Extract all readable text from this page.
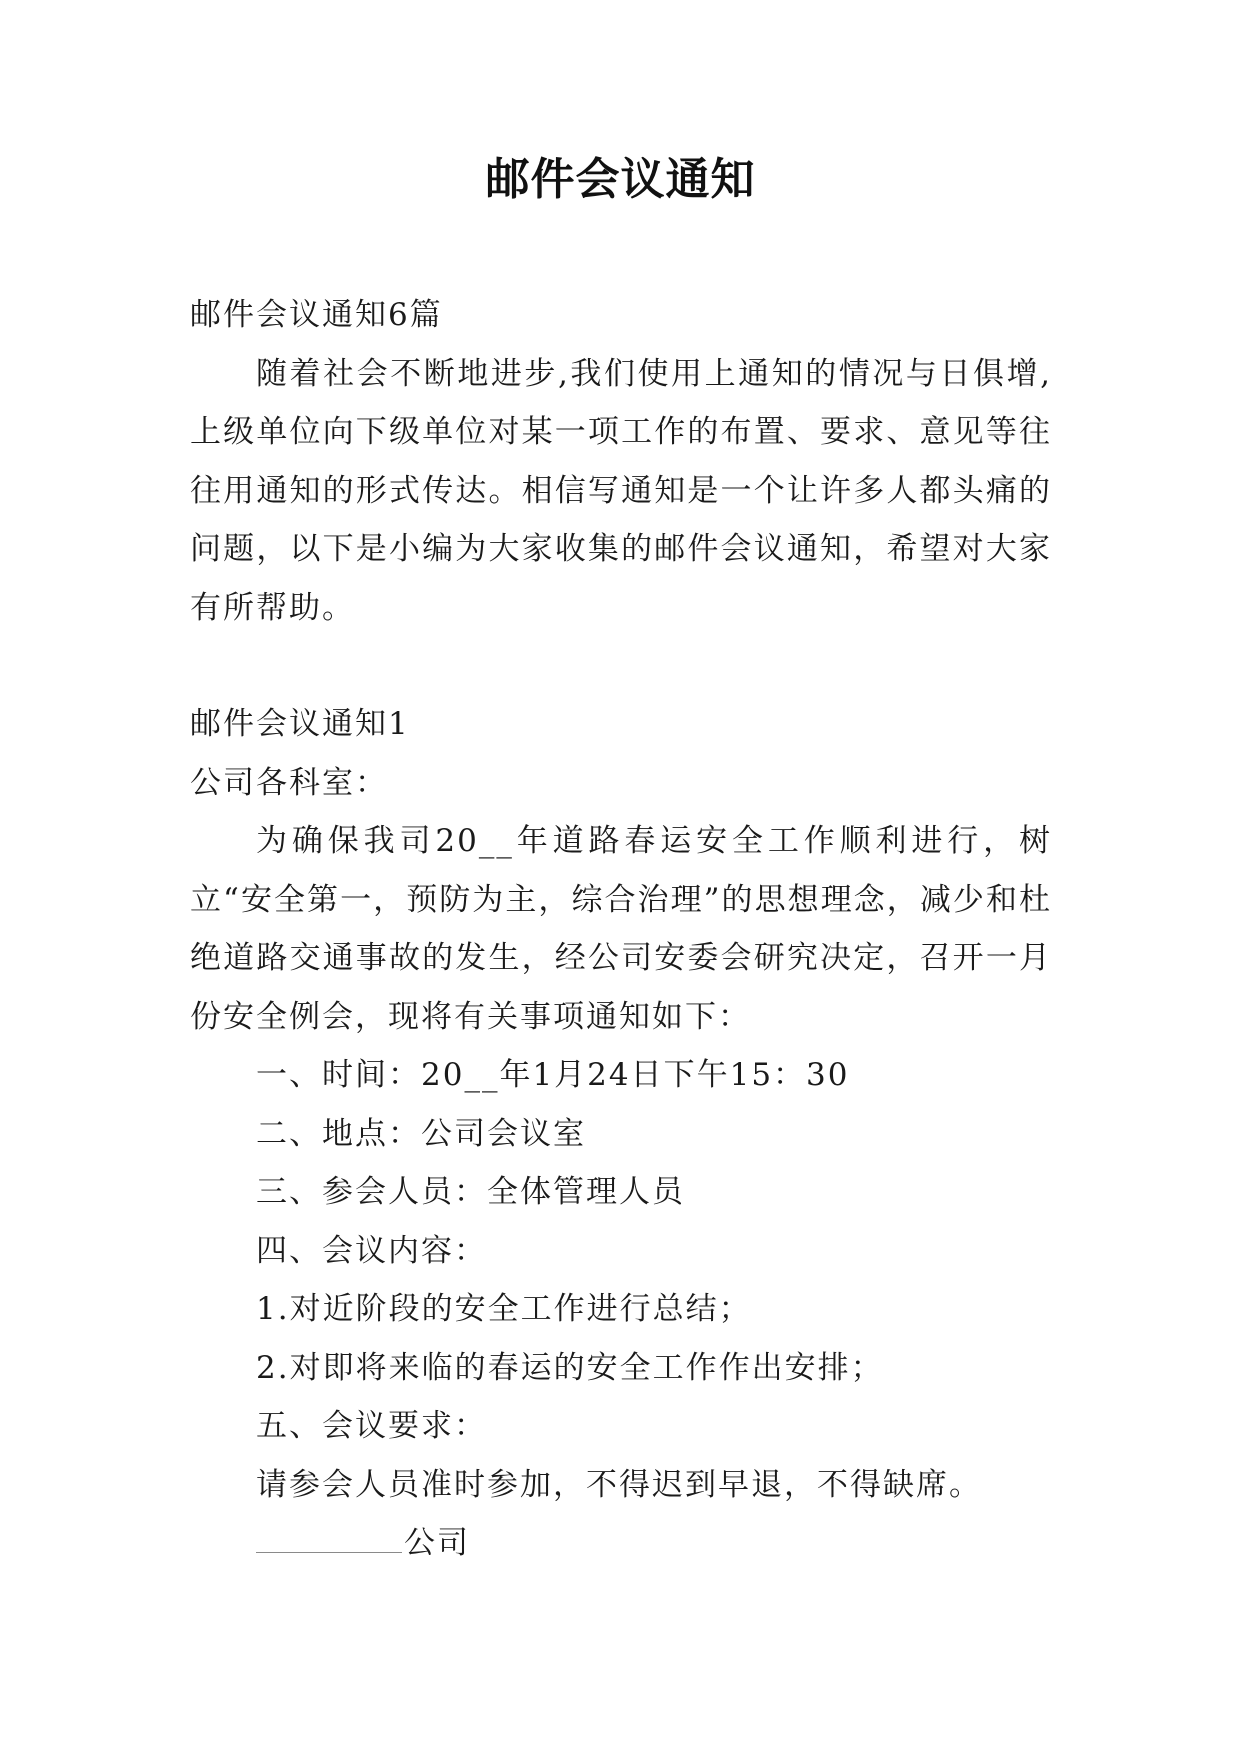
邮件会议通知

邮件会议通知6篇

随着社会不断地进步,我们使用上通知的情况与日俱增,上级单位向下级单位对某一项工作的布置、要求、意见等往往用通知的形式传达。相信写通知是一个让许多人都头痛的问题，以下是小编为大家收集的邮件会议通知，希望对大家有所帮助。

邮件会议通知1

公司各科室：

为确保我司20__年道路春运安全工作顺利进行，树立“安全第一，预防为主，综合治理”的思想理念，减少和杜绝道路交通事故的发生，经公司安委会研究决定，召开一月份安全例会，现将有关事项通知如下：

一、时间：20__年1月24日下午15：30

二、地点：公司会议室

三、参会人员：全体管理人员

四、会议内容：

1.对近阶段的安全工作进行总结；

2.对即将来临的春运的安全工作作出安排；

五、会议要求：

请参会人员准时参加，不得迟到早退，不得缺席。

公司
